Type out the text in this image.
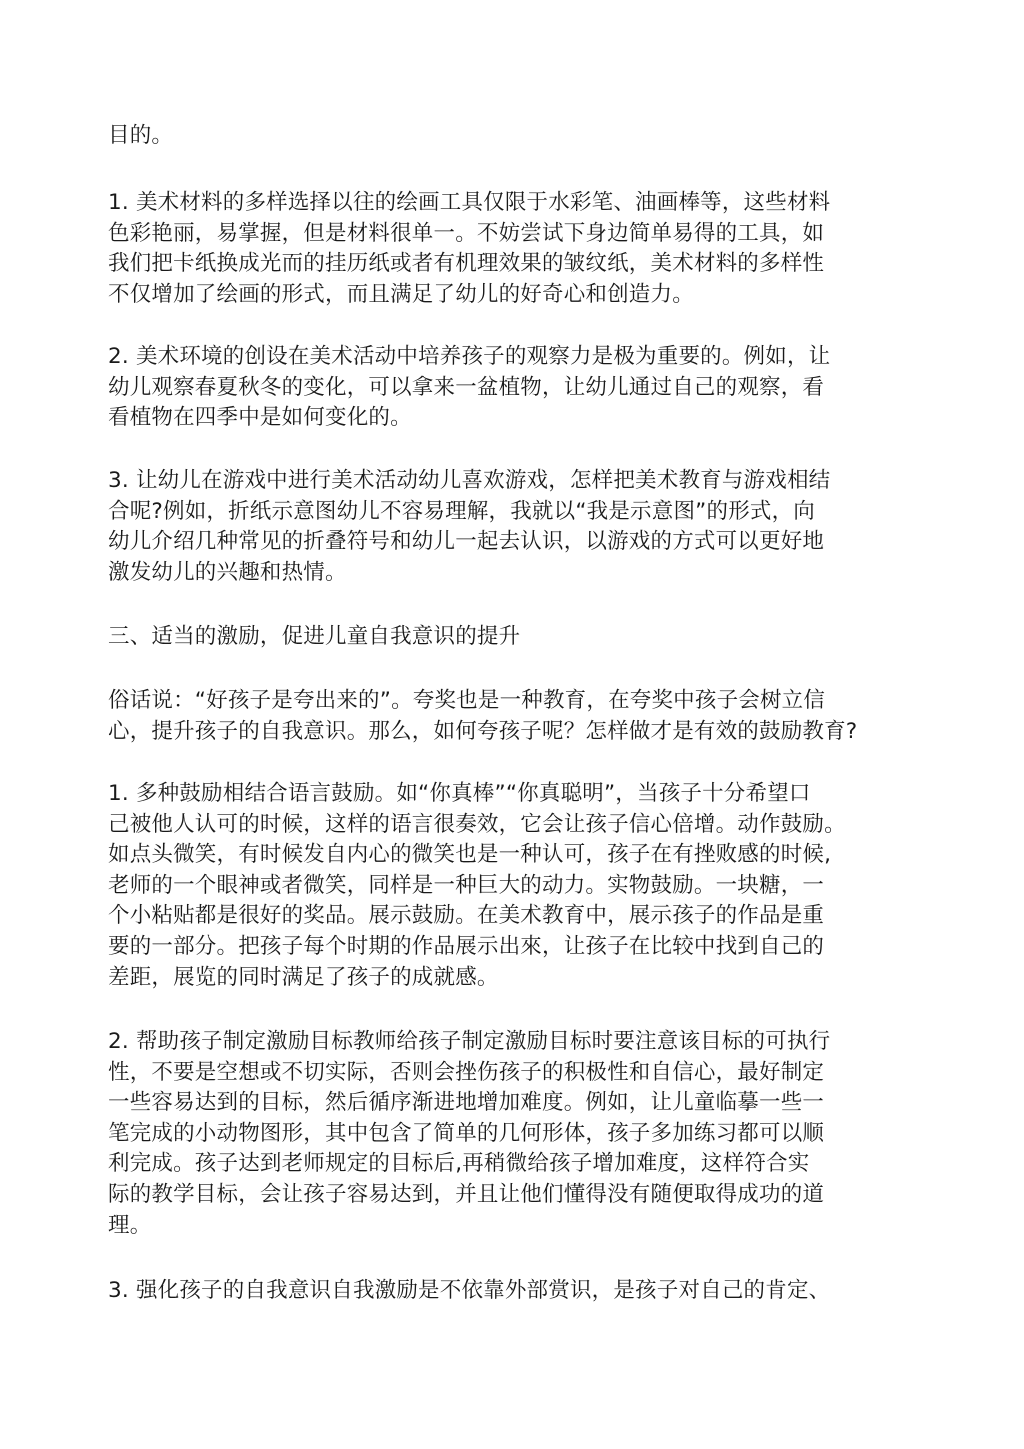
目的。

1. 美术材料的多样选择以往的绘画工具仅限于水彩笔、油画棒等，这些材料
色彩艳丽，易掌握，但是材料很单一。不妨尝试下身边简单易得的工具，如
我们把卡纸换成光而的挂历纸或者有机理效果的皱纹纸，美术材料的多样性
不仅增加了绘画的形式，而且满足了幼儿的好奇心和创造力。

2. 美术环境的创设在美术活动中培养孩子的观察力是极为重要的。例如，让
幼儿观察春夏秋冬的变化，可以拿来一盆植物，让幼儿通过自己的观察，看
看植物在四季中是如何变化的。

3. 让幼儿在游戏中进行美术活动幼儿喜欢游戏，怎样把美术教育与游戏相结
合呢?例如，折纸示意图幼儿不容易理解，我就以“我是示意图”的形式，向
幼儿介绍几种常见的折叠符号和幼儿一起去认识，以游戏的方式可以更好地
激发幼儿的兴趣和热情。

三、适当的激励，促进儿童自我意识的提升

俗话说：“好孩子是夸出来的”。夸奖也是一种教育，在夸奖中孩子会树立信
心，提升孩子的自我意识。那么，如何夸孩子呢？怎样做才是有效的鼓励教育?

1. 多种鼓励相结合语言鼓励。如“你真棒”“你真聪明”，当孩子十分希望口
己被他人认可的时候，这样的语言很奏效，它会让孩子信心倍增。动作鼓励。
如点头微笑，有时候发自内心的微笑也是一种认可，孩子在有挫败感的时候,
老师的一个眼神或者微笑，同样是一种巨大的动力。实物鼓励。一块糖，一
个小粘贴都是很好的奖品。展示鼓励。在美术教育中，展示孩子的作品是重
要的一部分。把孩子每个时期的作品展示出來，让孩子在比较中找到自己的
差距，展览的同时满足了孩子的成就感。

2. 帮助孩子制定激励目标教师给孩子制定激励目标时要注意该目标的可执行
性，不要是空想或不切实际，否则会挫伤孩子的积极性和自信心，最好制定
一些容易达到的目标，然后循序渐进地增加难度。例如，让儿童临摹一些一
笔完成的小动物图形，其中包含了简单的几何形体，孩子多加练习都可以顺
利完成。孩子达到老师规定的目标后,再稍微给孩子增加难度，这样符合实
际的教学目标，会让孩子容易达到，并且让他们懂得没有随便取得成功的道
理。

3. 强化孩子的自我意识自我激励是不依靠外部赏识，是孩子对自己的肯定、
